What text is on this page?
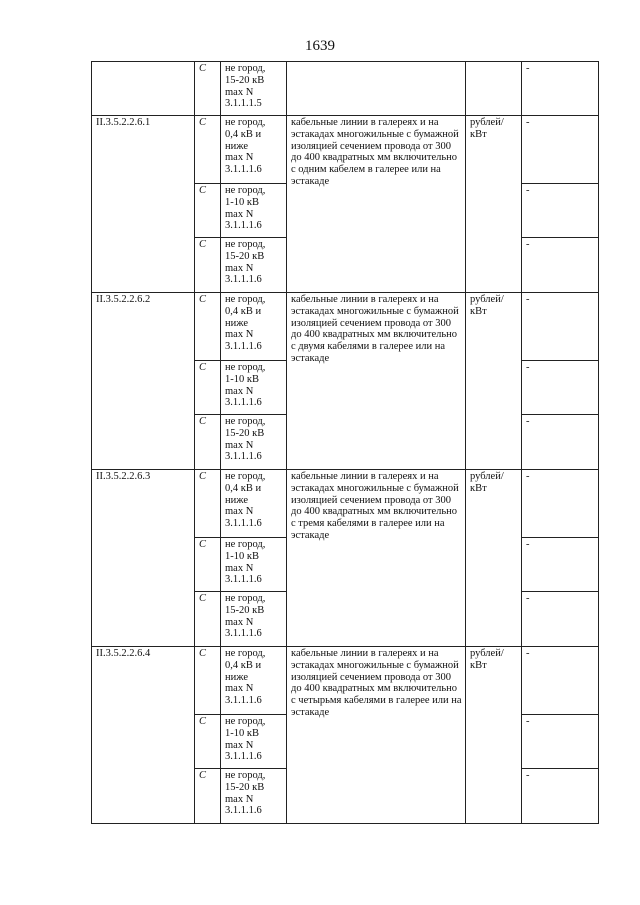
1639
	С	не город,
15-20 кВ
max N
3.1.1.1.5			-
II.3.5.2.2.6.1	С	не город,
0,4 кВ и
ниже
max N
3.1.1.1.6	кабельные линии в галереях и на эстакадах многожильные с бумажной изоляцией сечением провода от 300 до 400 квадратных мм включительно с одним кабелем в галерее или на эстакаде	рублей/ кВт	-
	С	не город,
1-10 кВ
max N
3.1.1.1.6			-
	С	не город,
15-20 кВ
max N
3.1.1.1.6			-
II.3.5.2.2.6.2	С	не город,
0,4 кВ и
ниже
max N
3.1.1.1.6	кабельные линии в галереях и на эстакадах многожильные с бумажной изоляцией сечением провода от 300 до 400 квадратных мм включительно с двумя кабелями в галерее или на эстакаде	рублей/ кВт	-
	С	не город,
1-10 кВ
max N
3.1.1.1.6			-
	С	не город,
15-20 кВ
max N
3.1.1.1.6			-
II.3.5.2.2.6.3	С	не город,
0,4 кВ и
ниже
max N
3.1.1.1.6	кабельные линии в галереях и на эстакадах многожильные с бумажной изоляцией сечением провода от 300 до 400 квадратных мм включительно с тремя кабелями в галерее или на эстакаде	рублей/ кВт	-
	С	не город,
1-10 кВ
max N
3.1.1.1.6			-
	С	не город,
15-20 кВ
max N
3.1.1.1.6			-
II.3.5.2.2.6.4	С	не город,
0,4 кВ и
ниже
max N
3.1.1.1.6	кабельные линии в галереях и на эстакадах многожильные с бумажной изоляцией сечением провода от 300 до 400 квадратных мм включительно с четырьмя кабелями в галерее или на эстакаде	рублей/ кВт	-
	С	не город,
1-10 кВ
max N
3.1.1.1.6			-
	С	не город,
15-20 кВ
max N
3.1.1.1.6			-
